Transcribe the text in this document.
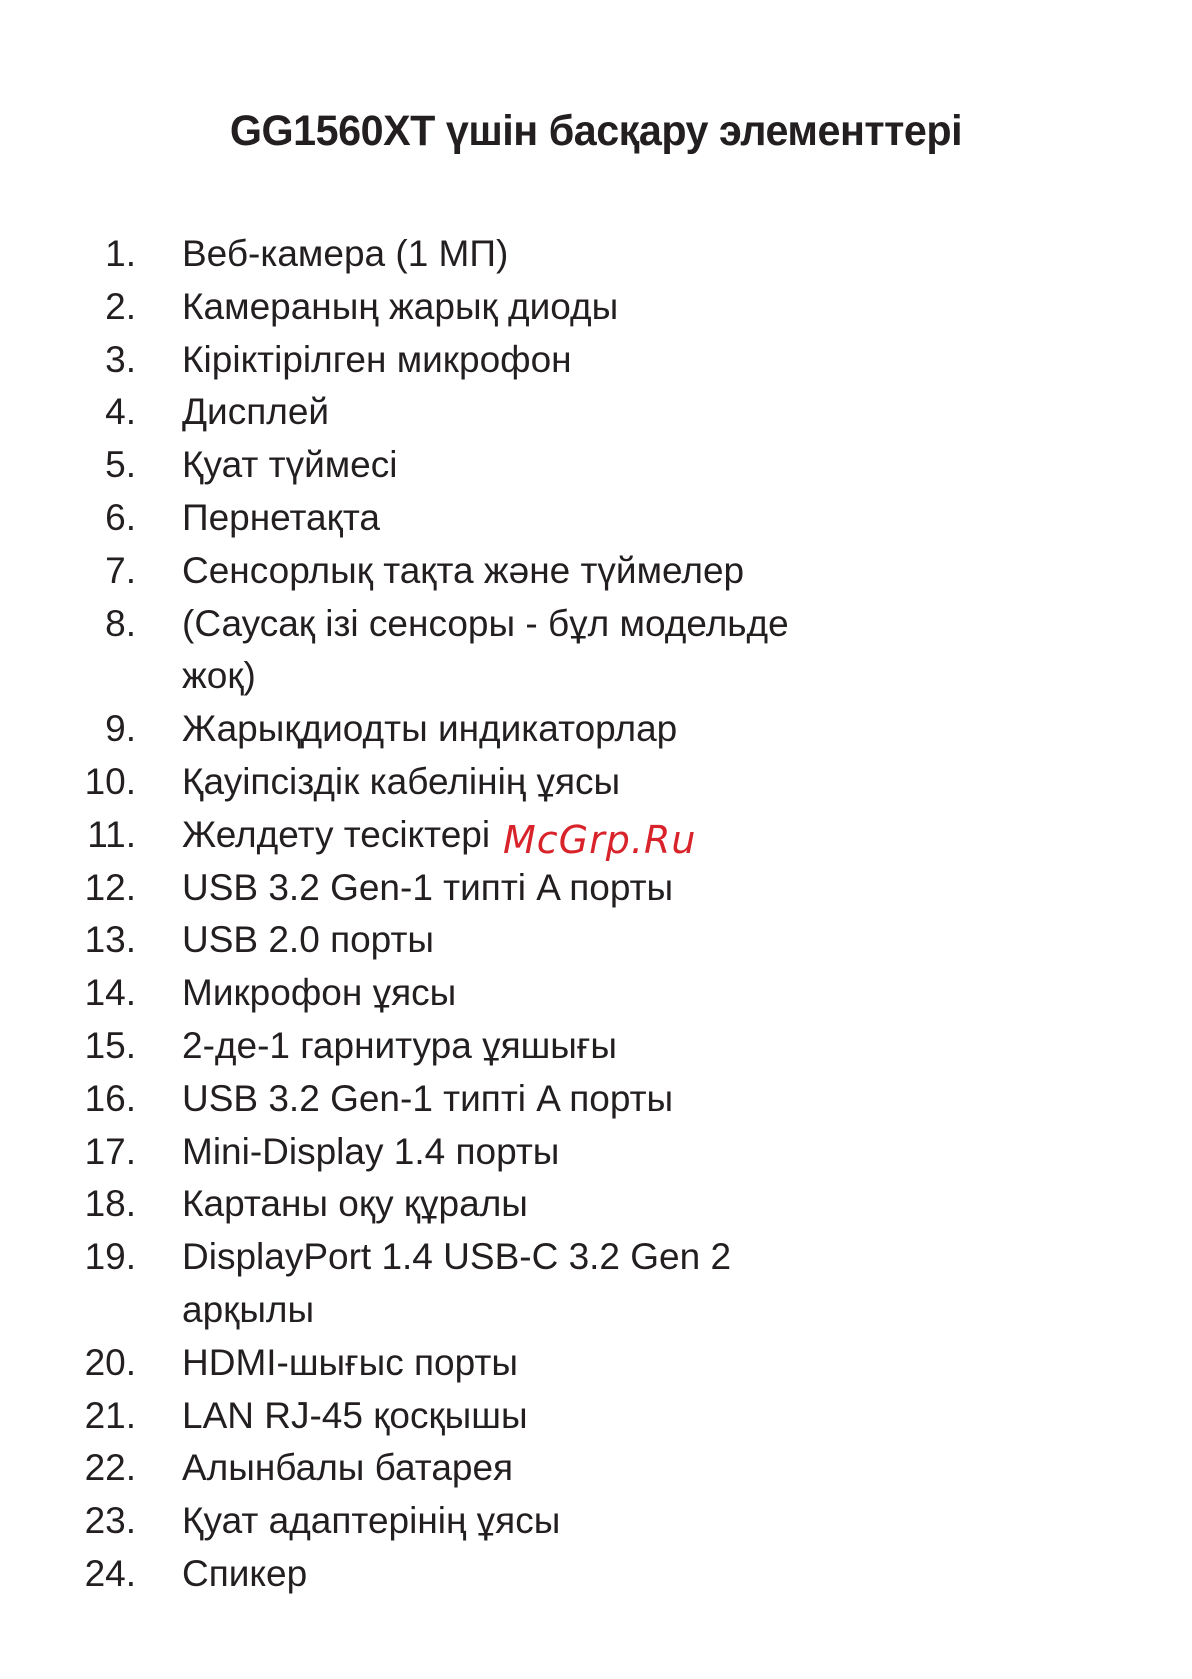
GG1560XT үшін басқару элементтері
1. Веб-камера (1 МП)
2. Камераның жарық диоды
3. Кіріктірілген микрофон
4. Дисплей
5. Қуат түймесі
6. Пернетақта
7. Сенсорлық тақта және түймелер
8. (Саусақ ізі сенсоры - бұл модельде жоқ)
9. Жарықдиодты индикаторлар
10. Қауіпсіздік кабелінің ұясы
11. Желдету тесіктері
12. USB 3.2 Gen-1 типті A порты
13. USB 2.0 порты
14. Микрофон ұясы
15. 2-де-1 гарнитура ұяшығы
16. USB 3.2 Gen-1 типті A порты
17. Mini-Display 1.4 порты
18. Картаны оқу құралы
19. DisplayPort 1.4 USB-C 3.2 Gen 2 арқылы
20. HDMI-шығыс порты
21. LAN RJ-45 қосқышы
22. Алынбалы батарея
23. Қуат адаптерінің ұясы
24. Спикер
McGrp.Ru
